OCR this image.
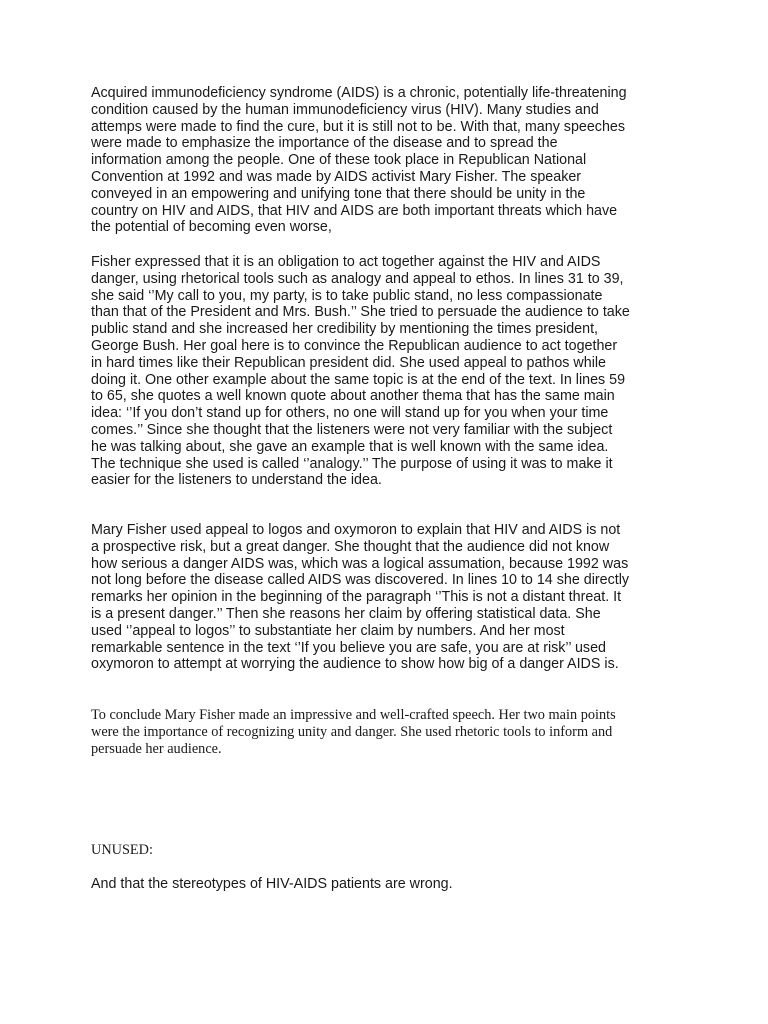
Acquired immunodeficiency syndrome (AIDS) is a chronic, potentially life-threatening
condition caused by the human immunodeficiency virus (HIV). Many studies and
attemps were made to find the cure, but it is still not to be. With that, many speeches
were made to emphasize the importance of the disease and to spread the
information among the people. One of these took place in Republican National
Convention at 1992 and was made by AIDS activist Mary Fisher. The speaker
conveyed in an empowering and unifying tone that there should be unity in the
country on HIV and AIDS, that HIV and AIDS are both important threats which have
the potential of becoming even worse,

Fisher expressed that it is an obligation to act together against the HIV and AIDS
danger, using rhetorical tools such as analogy and appeal to ethos. In lines 31 to 39,
she said ‘’My call to you, my party, is to take public stand, no less compassionate
than that of the President and Mrs. Bush.’’ She tried to persuade the audience to take
public stand and she increased her credibility by mentioning the times president,
George Bush. Her goal here is to convince the Republican audience to act together
in hard times like their Republican president did. She used appeal to pathos while
doing it. One other example about the same topic is at the end of the text. In lines 59
to 65, she quotes a well known quote about another thema that has the same main
idea: ‘’If you don’t stand up for others, no one will stand up for you when your time
comes.’’ Since she thought that the listeners were not very familiar with the subject
he was talking about, she gave an example that is well known with the same idea.
The technique she used is called ‘’analogy.’’ The purpose of using it was to make it
easier for the listeners to understand the idea.

Mary Fisher used appeal to logos and oxymoron to explain that HIV and AIDS is not
a prospective risk, but a great danger. She thought that the audience did not know
how serious a danger AIDS was, which was a logical assumation, because 1992 was
not long before the disease called AIDS was discovered. In lines 10 to 14 she directly
remarks her opinion in the beginning of the paragraph ‘’This is not a distant threat. It
is a present danger.’’ Then she reasons her claim by offering statistical data. She
used ‘’appeal to logos’’ to substantiate her claim by numbers. And her most
remarkable sentence in the text ‘’If you believe you are safe, you are at risk’’ used
oxymoron to attempt at worrying the audience to show how big of a danger AIDS is.

To conclude Mary Fisher made an impressive and well-crafted speech. Her two main points
were the importance of recognizing unity and danger. She used rhetoric tools to inform and
persuade her audience.

UNUSED:

And that the stereotypes of HIV-AIDS patients are wrong.
